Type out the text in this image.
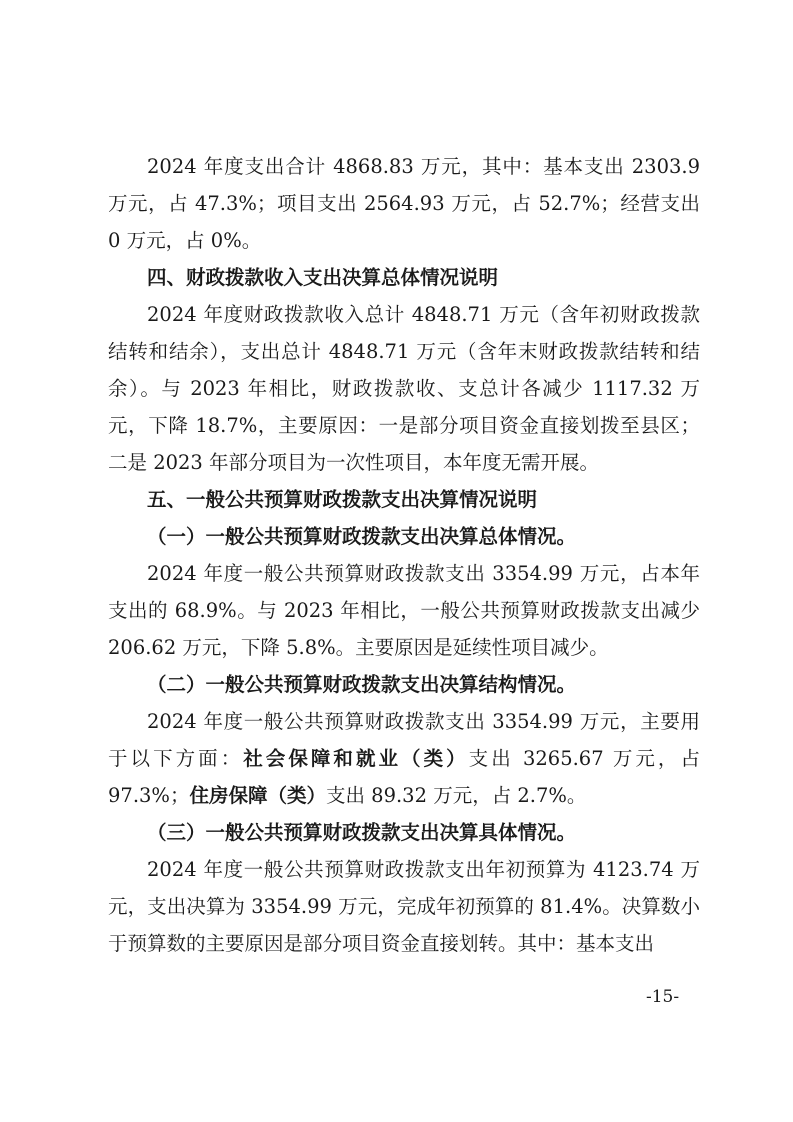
2024 年度支出合计 4868.83 万元，其中：基本支出 2303.9 万元，占 47.3%；项目支出 2564.93 万元，占 52.7%；经营支出 0 万元，占 0%。

四、财政拨款收入支出决算总体情况说明

2024 年度财政拨款收入总计 4848.71 万元（含年初财政拨款结转和结余），支出总计 4848.71 万元（含年末财政拨款结转和结余）。与 2023 年相比，财政拨款收、支总计各减少 1117.32 万元，下降 18.7%，主要原因：一是部分项目资金直接划拨至县区；二是 2023 年部分项目为一次性项目，本年度无需开展。

五、一般公共预算财政拨款支出决算情况说明

（一）一般公共预算财政拨款支出决算总体情况。

2024 年度一般公共预算财政拨款支出 3354.99 万元，占本年支出的 68.9%。与 2023 年相比，一般公共预算财政拨款支出减少 206.62 万元，下降 5.8%。主要原因是延续性项目减少。

（二）一般公共预算财政拨款支出决算结构情况。

2024 年度一般公共预算财政拨款支出 3354.99 万元，主要用于以下方面：社会保障和就业（类）支出 3265.67 万元，占 97.3%；住房保障（类）支出 89.32 万元，占 2.7%。

（三）一般公共预算财政拨款支出决算具体情况。

2024 年度一般公共预算财政拨款支出年初预算为 4123.74 万元，支出决算为 3354.99 万元，完成年初预算的 81.4%。决算数小于预算数的主要原因是部分项目资金直接划转。其中：基本支出

-15-
